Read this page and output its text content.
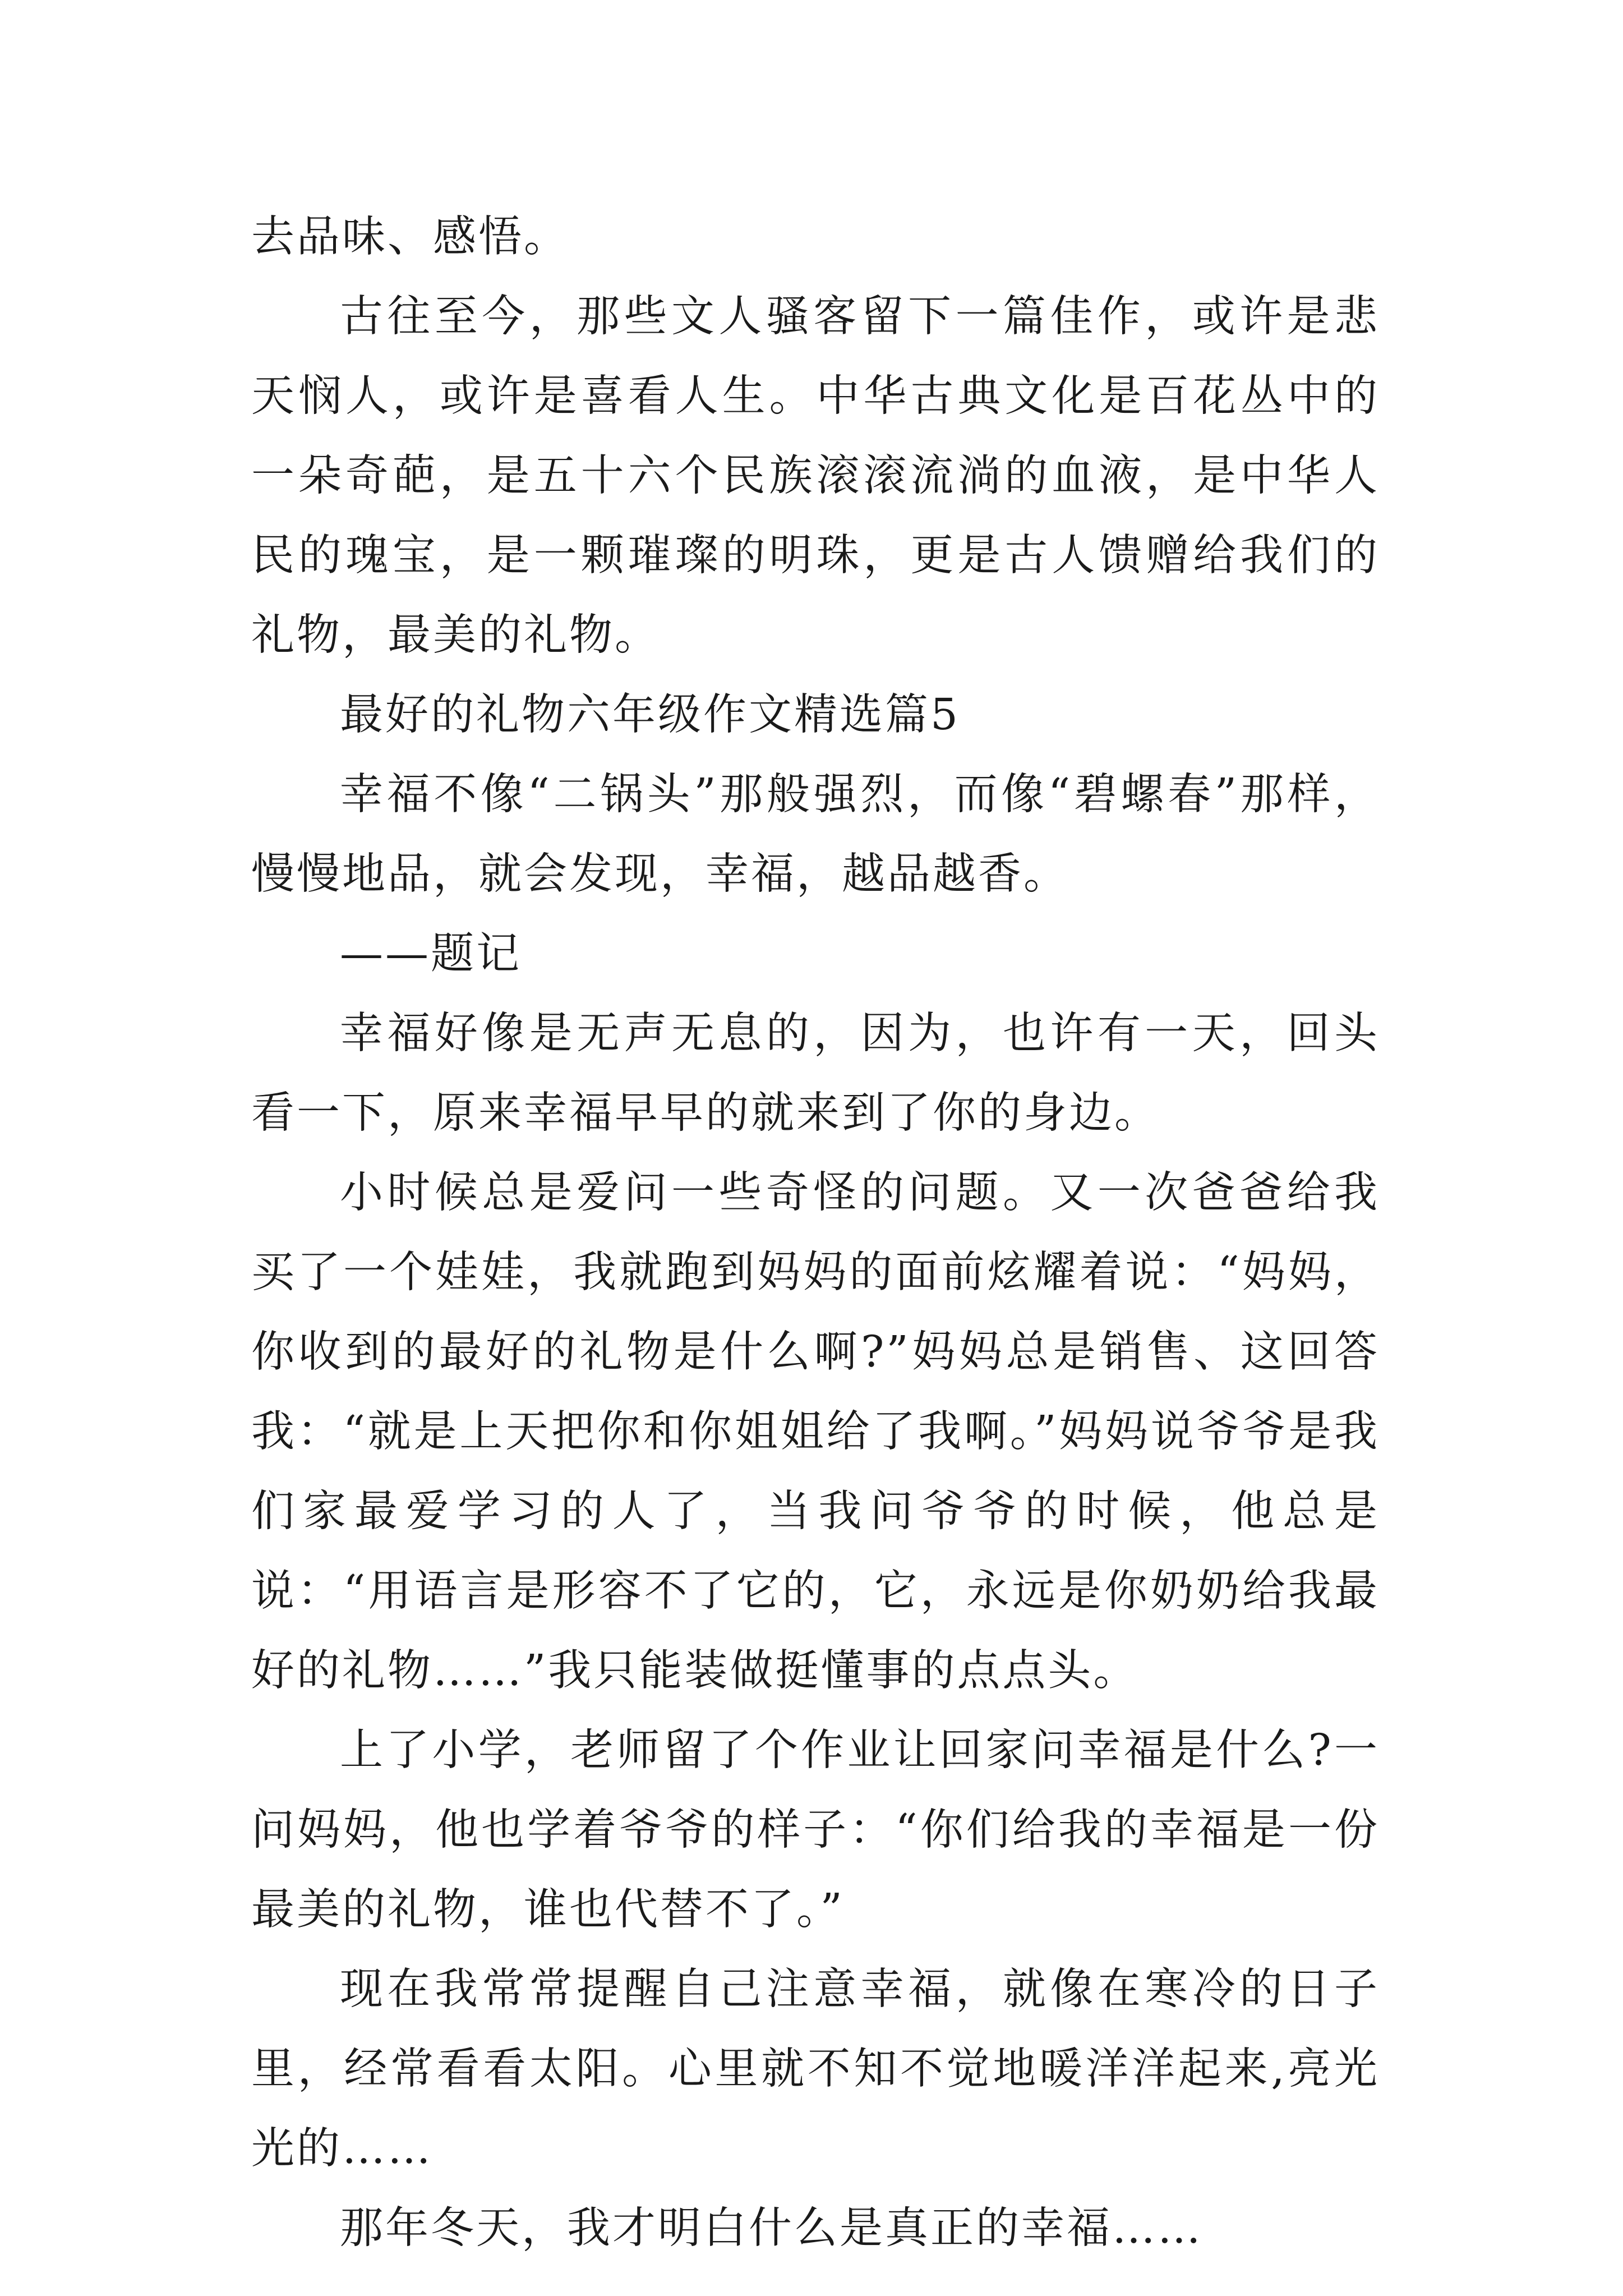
去品味、感悟。

古往至今，那些文人骚客留下一篇佳作，或许是悲天悯人，或许是喜看人生。中华古典文化是百花丛中的一朵奇葩，是五十六个民族滚滚流淌的血液，是中华人民的瑰宝，是一颗璀璨的明珠，更是古人馈赠给我们的礼物，最美的礼物。

最好的礼物六年级作文精选篇5

幸福不像“二锅头”那般强烈，而像“碧螺春”那样，慢慢地品，就会发现，幸福，越品越香。

——题记

幸福好像是无声无息的，因为，也许有一天，回头看一下，原来幸福早早的就来到了你的身边。

小时候总是爱问一些奇怪的问题。又一次爸爸给我买了一个娃娃，我就跑到妈妈的面前炫耀着说：“妈妈，你收到的最好的礼物是什么啊?”妈妈总是销售、这回答我：“就是上天把你和你姐姐给了我啊。”妈妈说爷爷是我们家最爱学习的人了，当我问爷爷的时候，他总是说：“用语言是形容不了它的，它，永远是你奶奶给我最好的礼物……”我只能装做挺懂事的点点头。

上了小学，老师留了个作业让回家问幸福是什么?一问妈妈，他也学着爷爷的样子：“你们给我的幸福是一份最美的礼物，谁也代替不了。”

现在我常常提醒自己注意幸福，就像在寒冷的日子里，经常看看太阳。心里就不知不觉地暖洋洋起来,亮光光的……

那年冬天，我才明白什么是真正的幸福……
